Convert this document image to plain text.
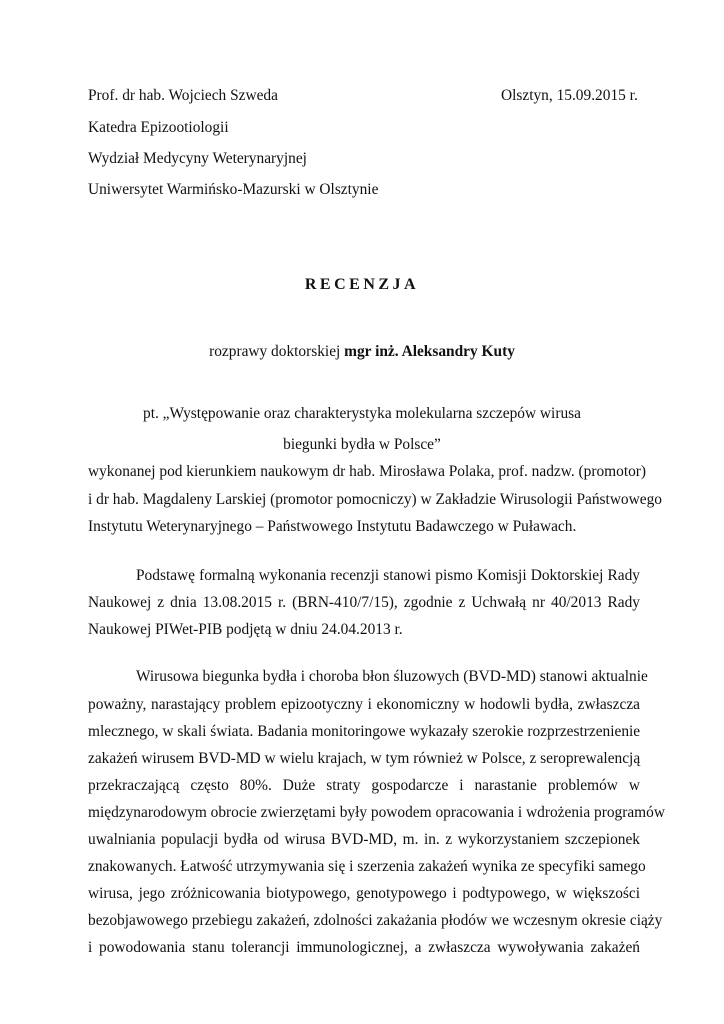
Prof. dr hab. Wojciech Szweda	Olsztyn, 15.09.2015 r.
Katedra Epizootiologii
Wydział Medycyny Weterynaryjnej
Uniwersytet Warmińsko-Mazurski w Olsztynie
RECENZJA
rozprawy doktorskiej mgr inż. Aleksandry Kuty
pt. „Występowanie oraz charakterystyka molekularna szczepów wirusa
biegunki bydła w Polsce”
wykonanej pod kierunkiem naukowym dr hab. Mirosława Polaka, prof. nadzw. (promotor)
i dr hab. Magdaleny Larskiej (promotor pomocniczy) w Zakładzie Wirusologii Państwowego
Instytutu Weterynaryjnego – Państwowego Instytutu Badawczego w Puławach.
Podstawę formalną wykonania recenzji stanowi pismo Komisji Doktorskiej Rady
Naukowej z dnia 13.08.2015 r. (BRN-410/7/15), zgodnie z Uchwałą nr 40/2013 Rady
Naukowej PIWet-PIB podjętą w dniu 24.04.2013 r.
Wirusowa biegunka bydła i choroba błon śluzowych (BVD-MD) stanowi aktualnie
poważny, narastający problem epizootyczny i ekonomiczny w hodowli bydła, zwłaszcza
mlecznego, w skali świata. Badania monitoringowe wykazały szerokie rozprzestrzenienie
zakażeń wirusem BVD-MD w wielu krajach, w tym również w Polsce, z seroprewalencją
przekraczającą często 80%. Duże straty gospodarcze i narastanie problemów w
międzynarodowym obrocie zwierzętami były powodem opracowania i wdrożenia programów
uwalniania populacji bydła od wirusa BVD-MD, m. in. z wykorzystaniem szczepionek
znakowanych. Łatwość utrzymywania się i szerzenia zakażeń wynika ze specyfiki samego
wirusa, jego zróżnicowania biotypowego, genotypowego i podtypowego, w większości
bezobjawowego przebiegu zakażeń, zdolności zakażania płodów we wczesnym okresie ciąży
i powodowania stanu tolerancji immunologicznej, a zwłaszcza wywoływania zakażeń
